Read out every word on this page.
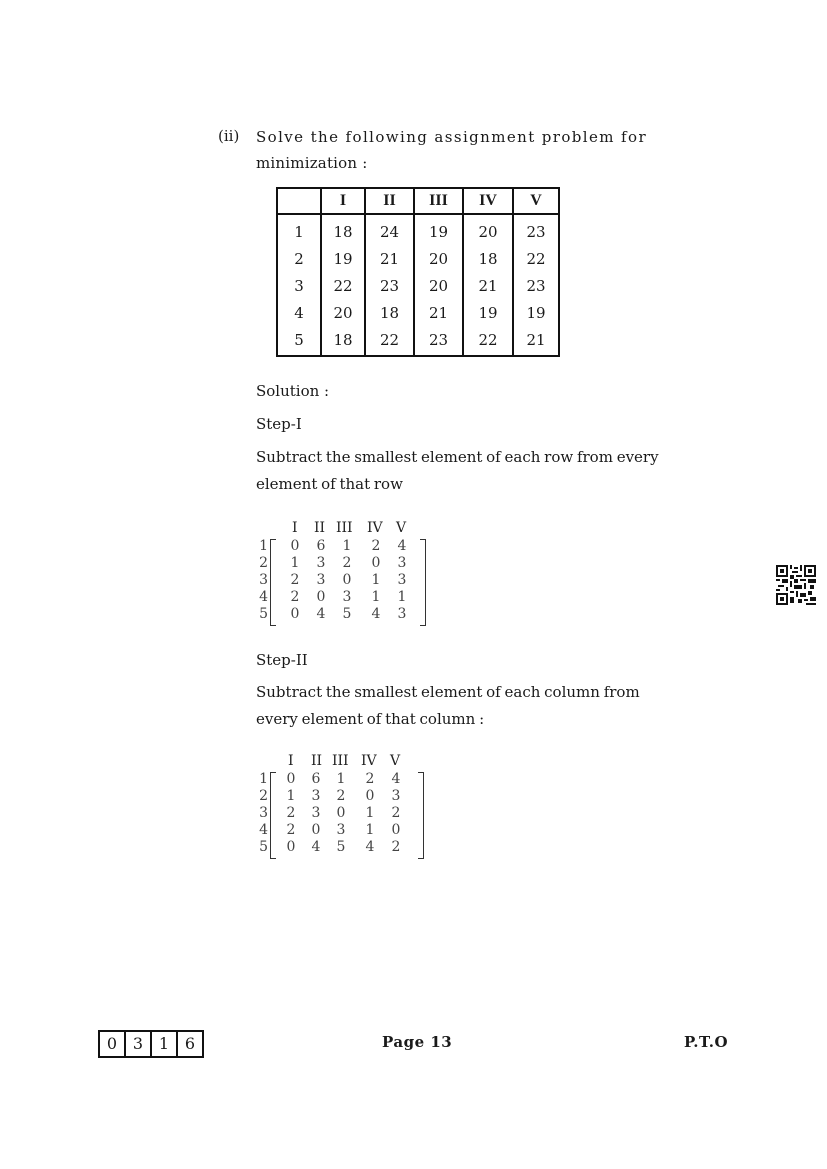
(ii) Solve the following assignment problem for
minimization :
	I	II	III	IV	V
1	18	24	19	20	23
2	19	21	20	18	22
3	22	23	20	21	23
4	20	18	21	19	19
5	18	22	23	22	21
Solution :
Step-I
Subtract the smallest element of each row from every
element of that row
I II III IV V
1	0	6	1	2	4
2	1	3	2	0	3
3	2	3	0	1	3
4	2	0	3	1	1
5	0	4	5	4	3
Step-II
Subtract the smallest element of each column from
every element of that column :
I II III IV V
1	0	6	1	2	4
2	1	3	2	0	3
3	2	3	0	1	2
4	2	0	3	1	0
5	0	4	5	4	2
0 3 1 6	Page 13	P.T.O
